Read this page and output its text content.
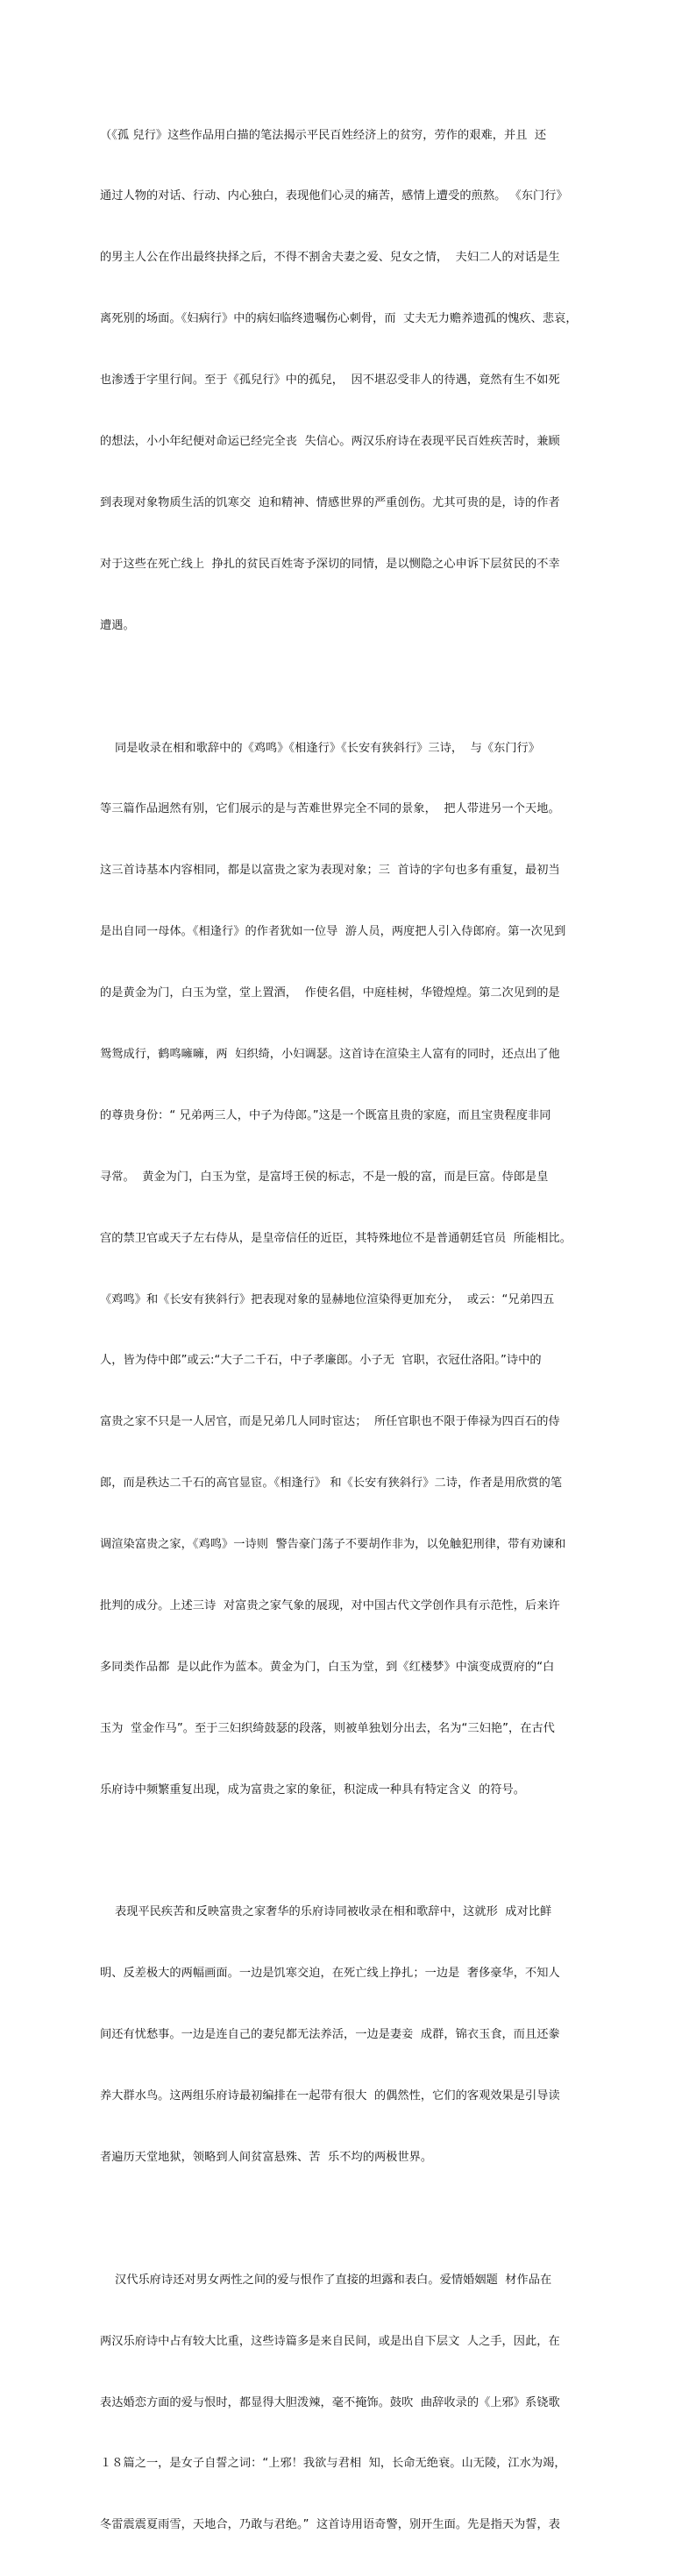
（《孤 兒行》这些作品用白描的笔法揭示平民百姓经济上的贫穷，劳作的艰难，并且  还

通过人物的对话、行动、内心独白，表现他们心灵的痛苦，感情上遭受的煎熬。 《东门行》

的男主人公在作出最终抉择之后，不得不割舍夫妻之爱、兒女之情，  夫妇二人的对话是生

离死别的场面。《妇病行》中的病妇临终遗嘱伤心刺骨，而  丈夫无力赡养遗孤的愧疚、悲哀，

也渗透于字里行间。至于《孤兒行》中的孤兒，  因不堪忍受非人的待遇，竟然有生不如死

的想法，小小年纪便对命运已经完全丧  失信心。两汉乐府诗在表现平民百姓疾苦时，兼顾

到表现对象物质生活的饥寒交  迫和精神、情感世界的严重创伤。尤其可贵的是，诗的作者

对于这些在死亡线上  挣扎的贫民百姓寄予深切的同情，是以恻隐之心申诉下层贫民的不幸

遭遇。

同是收录在相和歌辞中的《鸡鸣》《相逢行》《长安有狭斜行》三诗，  与《东门行》

等三篇作品迥然有别，它们展示的是与苦难世界完全不同的景象，  把人带进另一个天地。

这三首诗基本内容相同，都是以富贵之家为表现对象；三  首诗的字句也多有重复，最初当

是出自同一母体。《相逢行》的作者犹如一位导  游人员，两度把人引入侍郎府。第一次见到

的是黄金为门，白玉为堂，堂上置酒，  作使名倡，中庭桂树，华镫煌煌。第二次见到的是

鸳鸳成行，鹤鸣噰噰，两  妇织绮，小妇调瑟。这首诗在渲染主人富有的同时，还点出了他

的尊贵身份：“ 兄弟两三人，中子为侍郎。”这是一个既富且贵的家庭，而且宝贵程度非同

寻常。  黄金为门，白玉为堂，是富埒王侯的标志，不是一般的富，而是巨富。侍郎是皇

宫的禁卫官或天子左右侍从，是皇帝信任的近臣，其特殊地位不是普通朝廷官员  所能相比。

《鸡鸣》和《长安有狭斜行》把表现对象的显赫地位渲染得更加充分，  或云：“兄弟四五

人，皆为侍中郎”或云:“大子二千石，中子孝廉郎。小子无  官职，衣冠仕洛阳。”诗中的

富贵之家不只是一人居官，而是兄弟几人同时宦达；  所任官职也不限于俸禄为四百石的侍

郎，而是秩达二千石的高官显宦。《相逢行》 和《长安有狭斜行》二诗，作者是用欣赏的笔

调渲染富贵之家，《鸡鸣》一诗则  警告豪门荡子不要胡作非为，以免触犯刑律，带有劝谏和

批判的成分。上述三诗  对富贵之家气象的展现，对中国古代文学创作具有示范性，后来许

多同类作品都  是以此作为蓝本。黄金为门，白玉为堂，到《红楼梦》中演变成贾府的“白

玉为  堂金作马”。至于三妇织绮鼓瑟的段落，则被单独划分出去，名为“三妇艳”，在古代

乐府诗中频繁重复出现，成为富贵之家的象征，积淀成一种具有特定含义  的符号。

表现平民疾苦和反映富贵之家奢华的乐府诗同被收录在相和歌辞中，这就形  成对比鲜

明、反差极大的两幅画面。一边是饥寒交迫，在死亡线上挣扎；一边是  奢侈豪华，不知人

间还有忧愁事。一边是连自己的妻兒都无法养活，一边是妻妾  成群，锦衣玉食，而且还豢

养大群水鸟。这两组乐府诗最初编排在一起带有很大  的偶然性，它们的客观效果是引导读

者遍历天堂地狱，领略到人间贫富悬殊、苦  乐不均的两极世界。

汉代乐府诗还对男女两性之间的爱与恨作了直接的坦露和表白。爱情婚姻题  材作品在

两汉乐府诗中占有较大比重，这些诗篇多是来自民间，或是出自下层文  人之手，因此，在

表达婚恋方面的爱与恨时，都显得大胆泼辣，毫不掩饰。鼓吹  曲辞收录的《上邪》系铙歌

１８篇之一，是女子自誓之词：“上邪！我欲与君相  知，长命无绝衰。山无陵，江水为竭，

冬雷震震夏雨雪，天地合，乃敢与君绝。”  这首诗用语奇警，别开生面。先是指天为誓，表
